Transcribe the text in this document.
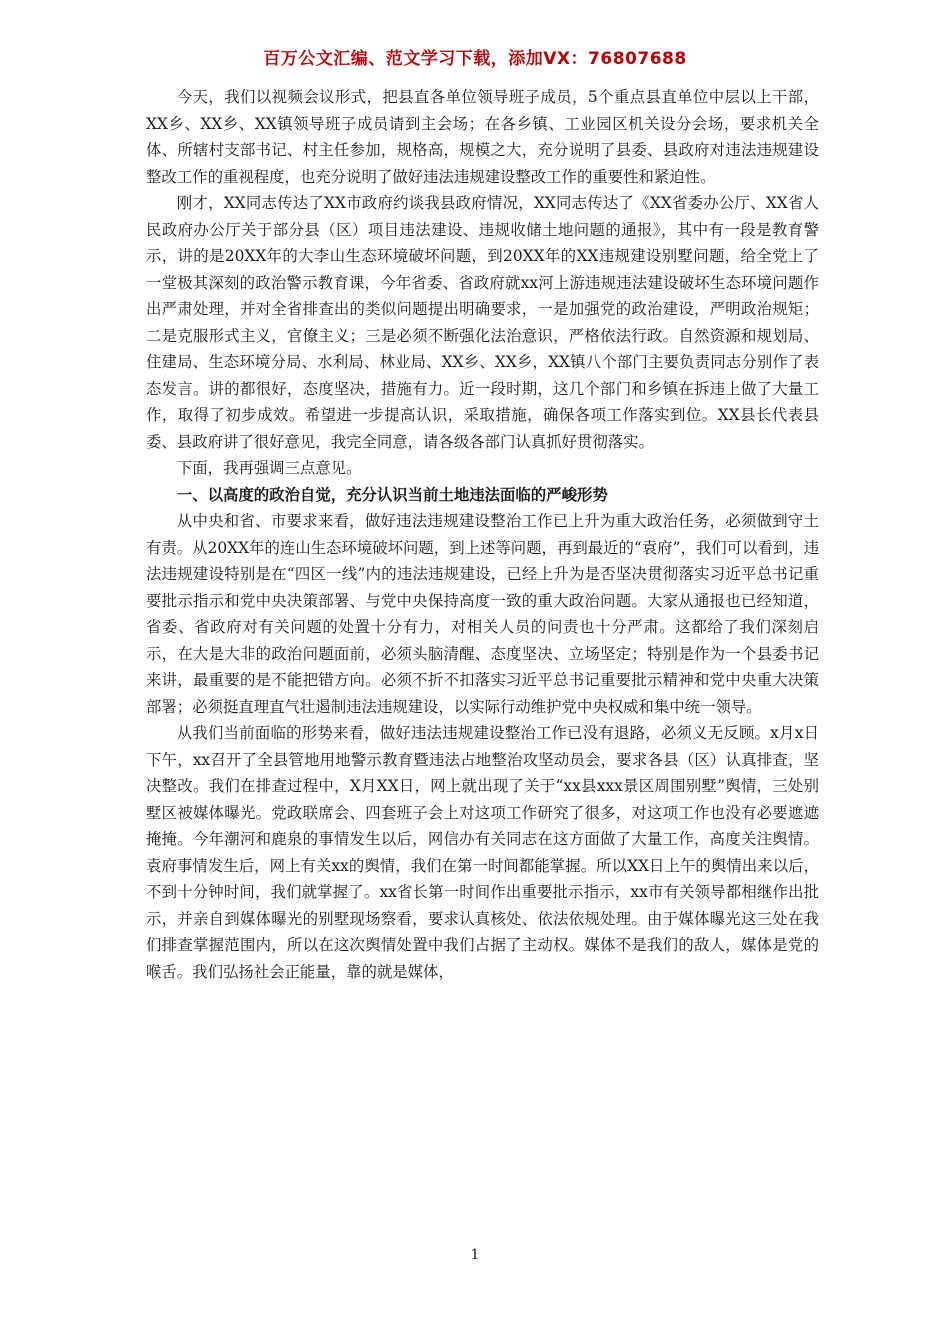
百万公文汇编、范文学习下载，添加VX：76807688

今天，我们以视频会议形式，把县直各单位领导班子成员，5个重点县直单位中层以上干部，XX乡、XX乡、XX镇领导班子成员请到主会场；在各乡镇、工业园区机关设分会场，要求机关全体、所辖村支部书记、村主任参加，规格高，规模之大，充分说明了县委、县政府对违法违规建设整改工作的重视程度，也充分说明了做好违法违规建设整改工作的重要性和紧迫性。

刚才，XX同志传达了XX市政府约谈我县政府情况，XX同志传达了《XX省委办公厅、XX省人民政府办公厅关于部分县（区）项目违法建设、违规收储土地问题的通报》，其中有一段是教育警示，讲的是20XX年的大李山生态环境破坏问题，到20XX年的XX违规建设别墅问题，给全党上了一堂极其深刻的政治警示教育课，今年省委、省政府就xx河上游违规违法建设破坏生态环境问题作出严肃处理，并对全省排查出的类似问题提出明确要求，一是加强党的政治建设，严明政治规矩；二是克服形式主义，官僚主义；三是必须不断强化法治意识，严格依法行政。自然资源和规划局、住建局、生态环境分局、水利局、林业局、XX乡、XX乡，XX镇八个部门主要负责同志分别作了表态发言。讲的都很好，态度坚决，措施有力。近一段时期，这几个部门和乡镇在拆违上做了大量工作，取得了初步成效。希望进一步提高认识，采取措施，确保各项工作落实到位。XX县长代表县委、县政府讲了很好意见，我完全同意，请各级各部门认真抓好贯彻落实。

下面，我再强调三点意见。

一、以高度的政治自觉，充分认识当前土地违法面临的严峻形势

从中央和省、市要求来看，做好违法违规建设整治工作已上升为重大政治任务，必须做到守土有责。从20XX年的连山生态环境破坏问题，到上述等问题，再到最近的“袁府”，我们可以看到，违法违规建设特别是在“四区一线”内的违法违规建设，已经上升为是否坚决贯彻落实习近平总书记重要批示指示和党中央决策部署、与党中央保持高度一致的重大政治问题。大家从通报也已经知道，省委、省政府对有关问题的处置十分有力，对相关人员的问责也十分严肃。这都给了我们深刻启示，在大是大非的政治问题面前，必须头脑清醒、态度坚决、立场坚定；特别是作为一个县委书记来讲，最重要的是不能把错方向。必须不折不扣落实习近平总书记重要批示精神和党中央重大决策部署；必须挺直理直气壮遏制违法违规建设，以实际行动维护党中央权威和集中统一领导。

从我们当前面临的形势来看，做好违法违规建设整治工作已没有退路，必须义无反顾。x月x日下午，xx召开了全县管地用地警示教育暨违法占地整治攻坚动员会，要求各县（区）认真排查，坚决整改。我们在排查过程中，X月XX日，网上就出现了关于“xx县xxx景区周围别墅”舆情，三处别墅区被媒体曝光。党政联席会、四套班子会上对这项工作研究了很多，对这项工作也没有必要遮遮掩掩。今年潮河和鹿泉的事情发生以后，网信办有关同志在这方面做了大量工作，高度关注舆情。袁府事情发生后，网上有关xx的舆情，我们在第一时间都能掌握。所以XX日上午的舆情出来以后，不到十分钟时间，我们就掌握了。xx省长第一时间作出重要批示指示，xx市有关领导都相继作出批示，并亲自到媒体曝光的别墅现场察看，要求认真核处、依法依规处理。由于媒体曝光这三处在我们排查掌握范围内，所以在这次舆情处置中我们占据了主动权。媒体不是我们的敌人，媒体是党的喉舌。我们弘扬社会正能量，靠的就是媒体，

1
